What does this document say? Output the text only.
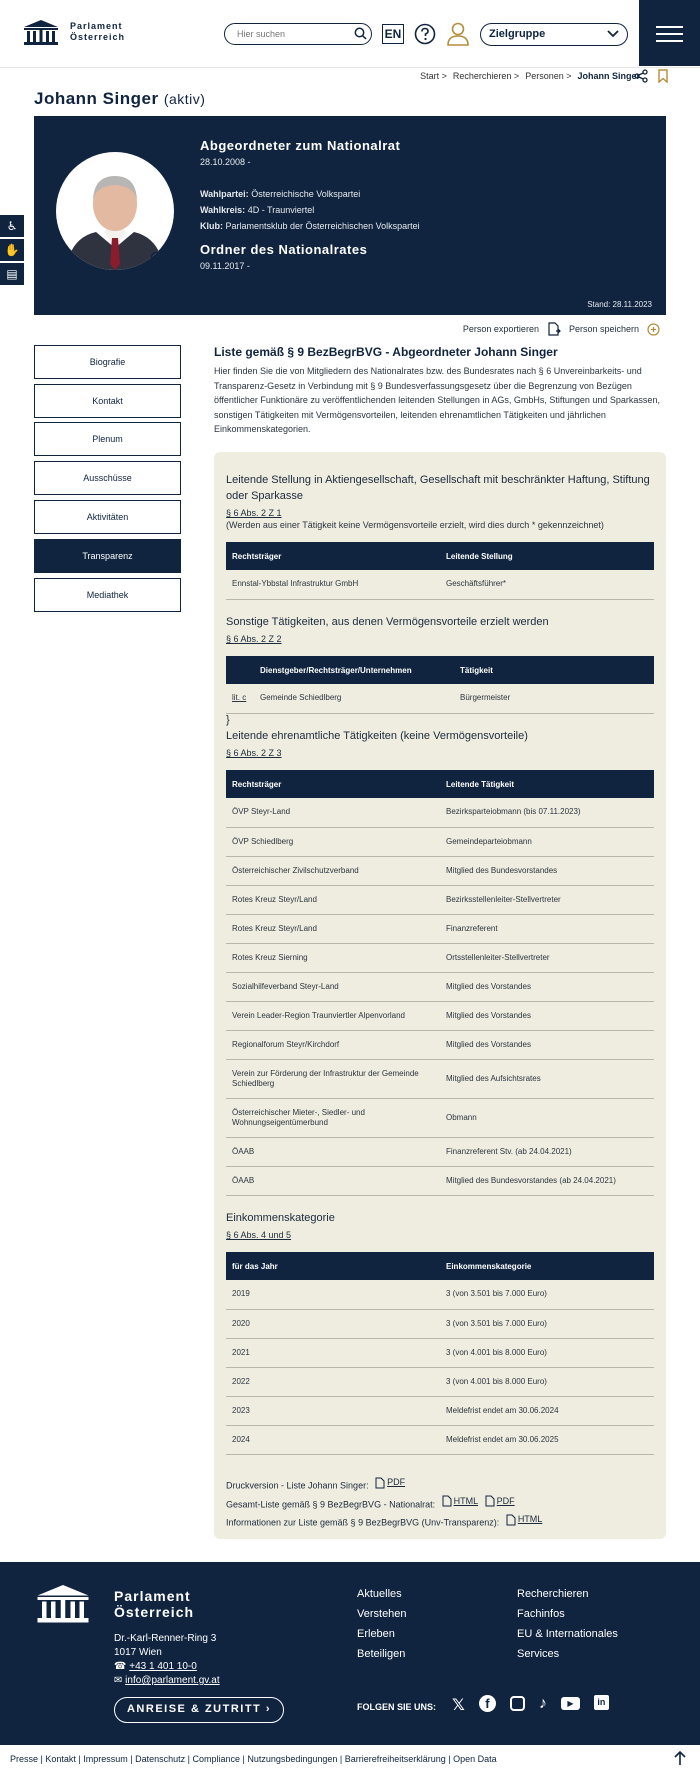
Parlament
Österreich
Hier suchen	EN	Zielgruppe
Start > Recherchieren > Personen > Johann Singer
Johann Singer (aktiv)
♿
✋
▤
Abgeordneter zum Nationalrat
28.10.2008 -
Wahlpartei: Österreichische Volkspartei
Wahlkreis: 4D - Traunviertel
Klub: Parlamentsklub der Österreichischen Volkspartei
Ordner des Nationalrates
09.11.2017 -
Stand: 28.11.2023
Person exportieren	Person speichern
Biografie
Kontakt
Plenum
Ausschüsse
Aktivitäten
Transparenz
Mediathek
Liste gemäß § 9 BezBegrBVG - Abgeordneter Johann Singer
Hier finden Sie die von Mitgliedern des Nationalrates bzw. des Bundesrates nach § 6 Unvereinbarkeits- und Transparenz-Gesetz in Verbindung mit § 9 Bundesverfassungsgesetz über die Begrenzung von Bezügen öffentlicher Funktionäre zu veröffentlichenden leitenden Stellungen in AGs, GmbHs, Stiftungen und Sparkassen, sonstigen Tätigkeiten mit Vermögensvorteilen, leitenden ehrenamtlichen Tätigkeiten und jährlichen Einkommenskategorien.
Leitende Stellung in Aktiengesellschaft, Gesellschaft mit beschränkter Haftung, Stiftung oder Sparkasse
§ 6 Abs. 2 Z 1
(Werden aus einer Tätigkeit keine Vermögensvorteile erzielt, wird dies durch * gekennzeichnet)
Rechtsträger	Leitende Stellung
Ennstal-Ybbstal Infrastruktur GmbH	Geschäftsführer*
Sonstige Tätigkeiten, aus denen Vermögensvorteile erzielt werden
§ 6 Abs. 2 Z 2
	Dienstgeber/Rechtsträger/Unternehmen	Tätigkeit
lit. c	Gemeinde Schiedlberg	Bürgermeister
}
Leitende ehrenamtliche Tätigkeiten (keine Vermögensvorteile)
§ 6 Abs. 2 Z 3
Rechtsträger	Leitende Tätigkeit
ÖVP Steyr-Land	Bezirksparteiobmann (bis 07.11.2023)
ÖVP Schiedlberg	Gemeindeparteiobmann
Österreichischer Zivilschutzverband	Mitglied des Bundesvorstandes
Rotes Kreuz Steyr/Land	Bezirksstellenleiter-Stellvertreter
Rotes Kreuz Steyr/Land	Finanzreferent
Rotes Kreuz Sierning	Ortsstellenleiter-Stellvertreter
Sozialhilfeverband Steyr-Land	Mitglied des Vorstandes
Verein Leader-Region Traunviertler Alpenvorland	Mitglied des Vorstandes
Regionalforum Steyr/Kirchdorf	Mitglied des Vorstandes
Verein zur Förderung der Infrastruktur der Gemeinde Schiedlberg	Mitglied des Aufsichtsrates
Österreichischer Mieter-, Siedler- und Wohnungseigentümerbund	Obmann
ÖAAB	Finanzreferent Stv. (ab 24.04.2021)
ÖAAB	Mitglied des Bundesvorstandes (ab 24.04.2021)
Einkommenskategorie
§ 6 Abs. 4 und 5
für das Jahr	Einkommenskategorie
2019	3 (von 3.501 bis 7.000 Euro)
2020	3 (von 3.501 bis 7.000 Euro)
2021	3 (von 4.001 bis 8.000 Euro)
2022	3 (von 4.001 bis 8.000 Euro)
2023	Meldefrist endet am 30.06.2024
2024	Meldefrist endet am 30.06.2025
Druckversion - Liste Johann Singer: PDF
Gesamt-Liste gemäß § 9 BezBegrBVG - Nationalrat: HTML
PDF
Informationen zur Liste gemäß § 9 BezBegrBVG (Unv-Transparenz): HTML
Parlament
Österreich
Dr.-Karl-Renner-Ring 3
1017 Wien
☎ +43 1 401 10-0
✉ info@parlament.gv.at
ANREISE & ZUTRITT ›
Aktuelles
Verstehen
Erleben
Beteiligen
Recherchieren
Fachinfos
EU & Internationales
Services
FOLGEN SIE UNS: 𝕏	f	♪	▶	in
Presse | Kontakt | Impressum | Datenschutz | Compliance | Nutzungsbedingungen | Barrierefreiheitserklärung | Open Data
